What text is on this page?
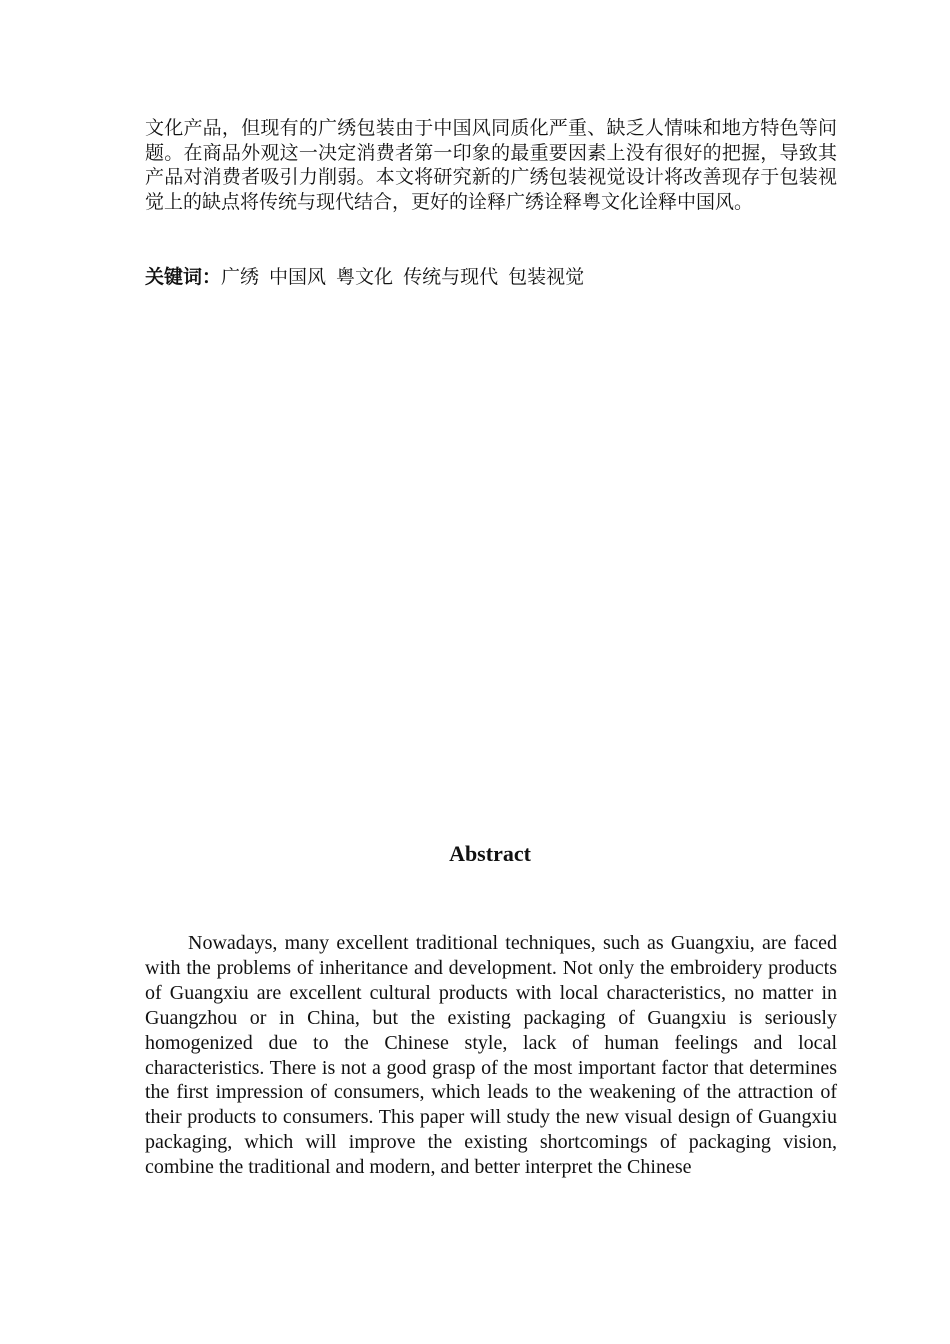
文化产品，但现有的广绣包装由于中国风同质化严重、缺乏人情味和地方特色等问题。在商品外观这一决定消费者第一印象的最重要因素上没有很好的把握，导致其产品对消费者吸引力削弱。本文将研究新的广绣包装视觉设计将改善现存于包装视觉上的缺点将传统与现代结合，更好的诠释广绣诠释粤文化诠释中国风。

关键词：广绣 中国风 粤文化 传统与现代 包装视觉
Abstract

Nowadays, many excellent traditional techniques, such as Guangxiu, are faced with the problems of inheritance and development. Not only the embroidery products of Guangxiu are excellent cultural products with local characteristics, no matter in Guangzhou or in China, but the existing packaging of Guangxiu is seriously homogenized due to the Chinese style, lack of human feelings and local characteristics. There is not a good grasp of the most important factor that determines the first impression of consumers, which leads to the weakening of the attraction of their products to consumers. This paper will study the new visual design of Guangxiu packaging, which will improve the existing shortcomings of packaging vision, combine the traditional and modern, and better interpret the Chinese
